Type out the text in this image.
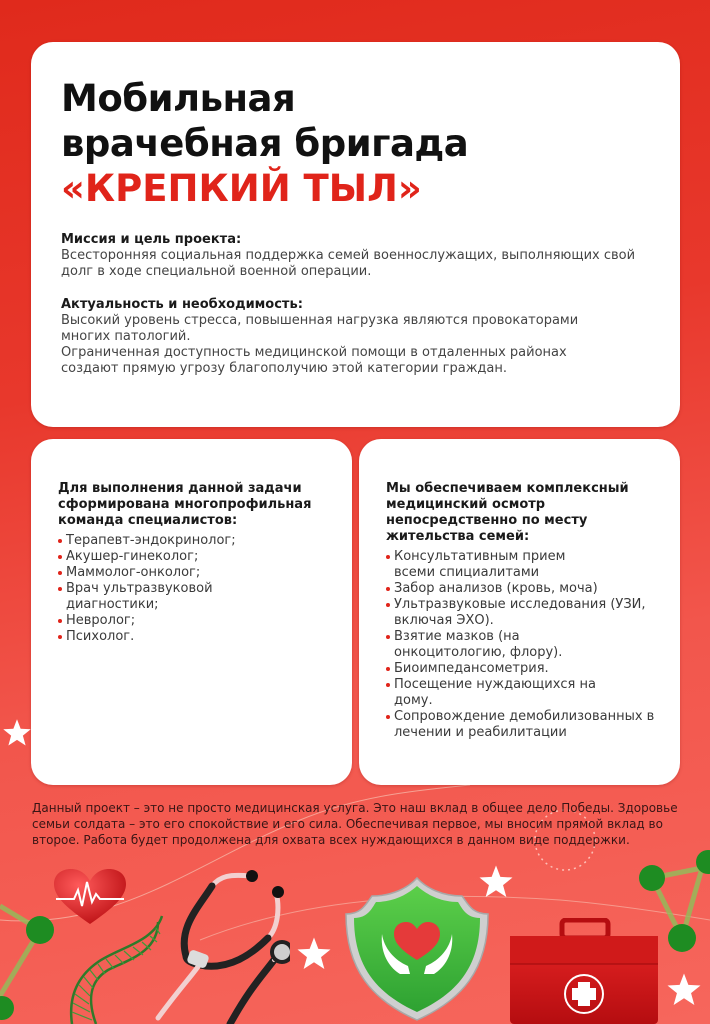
Мобильная
врачебная бригада
«КРЕПКИЙ ТЫЛ»

Миссия и цель проекта:

Всесторонняя социальная поддержка семей военнослужащих, выполняющих свой долг в ходе специальной военной операции.

Актуальность и необходимость:

Высокий уровень стресса, повышенная нагрузка являются провокаторами многих патологий.

Ограниченная доступность медицинской помощи в отдаленных районах создают прямую угрозу благополучию этой категории граждан.

Для выполнения данной задачи сформирована многопрофильная команда специалистов:
Терапевт-эндокринолог;
Акушер-гинеколог;
Маммолог-онколог;
Врач ультразвуковой диагностики;
Невролог;
Психолог.
Мы обеспечиваем комплексный медицинский осмотр непосредственно по месту жительства семей:
Консультативным прием всеми спициалитами
Забор анализов (кровь, моча)
Ультразвуковые исследования (УЗИ, включая ЭХО).
Взятие мазков (на онкоцитологию, флору).
Биоимпедансометрия.
Посещение нуждающихся на дому.
Сопровождение демобилизованных в лечении и реабилитации

Данный проект – это не просто медицинская услуга. Это наш вклад в общее дело Победы. Здоровье семьи солдата – это его спокойствие и его сила. Обеспечивая первое, мы вносим прямой вклад во второе. Работа будет продолжена для охвата всех нуждающихся в данном виде поддержки.
